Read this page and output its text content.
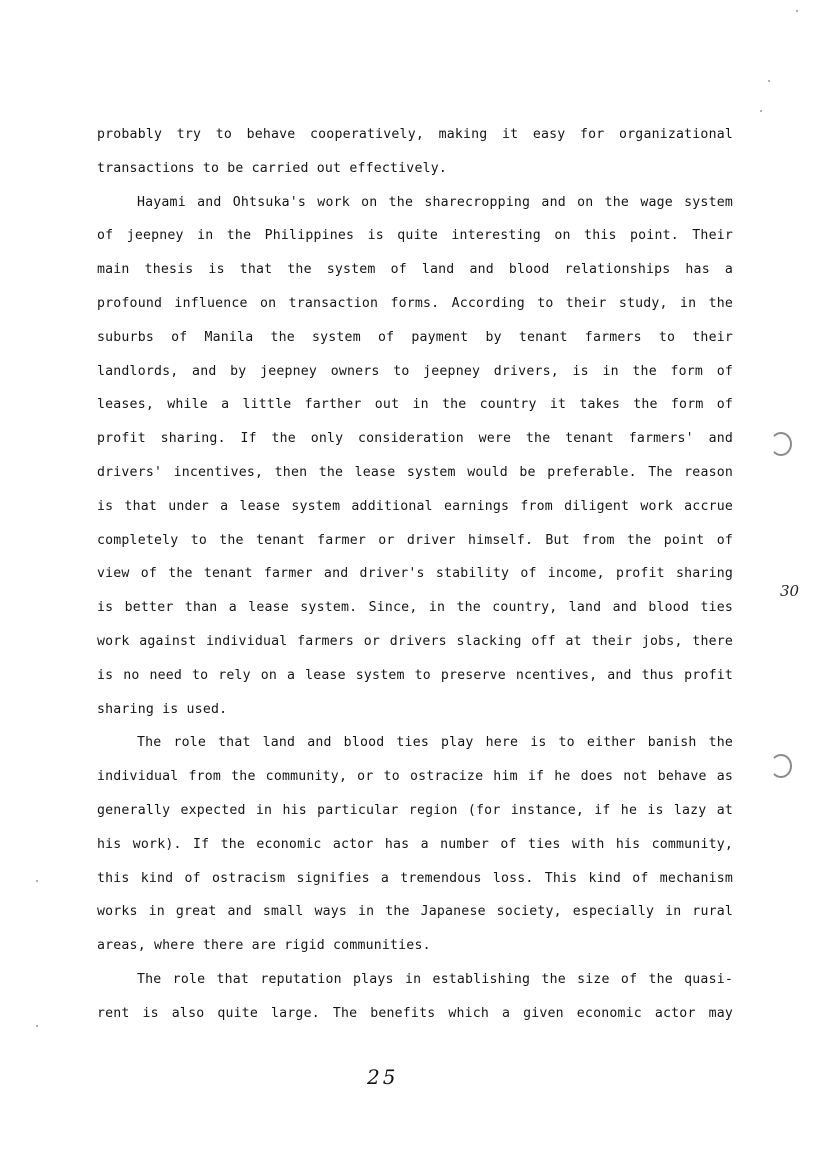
probably try to behave cooperatively, making it easy for organizational
transactions to be carried out effectively.
Hayami and Ohtsuka's work on the sharecropping and on the wage system
of jeepney in the Philippines is quite interesting on this point. Their
main thesis is that the system of land and blood relationships has a
profound influence on transaction forms. According to their study, in the
suburbs of Manila the system of payment by tenant farmers to their
landlords, and by jeepney owners to jeepney drivers, is in the form of
leases, while a little farther out in the country it takes the form of
profit sharing. If the only consideration were the tenant farmers' and
drivers' incentives, then the lease system would be preferable. The reason
is that under a lease system additional earnings from diligent work accrue
completely to the tenant farmer or driver himself. But from the point of
view of the tenant farmer and driver's stability of income, profit sharing
is better than a lease system. Since, in the country, land and blood ties
work against individual farmers or drivers slacking off at their jobs, there
is no need to rely on a lease system to preserve ncentives, and thus profit
sharing is used.
The role that land and blood ties play here is to either banish the
individual from the community, or to ostracize him if he does not behave as
generally expected in his particular region (for instance, if he is lazy at
his work). If the economic actor has a number of ties with his community,
this kind of ostracism signifies a tremendous loss. This kind of mechanism
works in great and small ways in the Japanese society, especially in rural
areas, where there are rigid communities.
The role that reputation plays in establishing the size of the quasi-
rent is also quite large. The benefits which a given economic actor may
30
25
